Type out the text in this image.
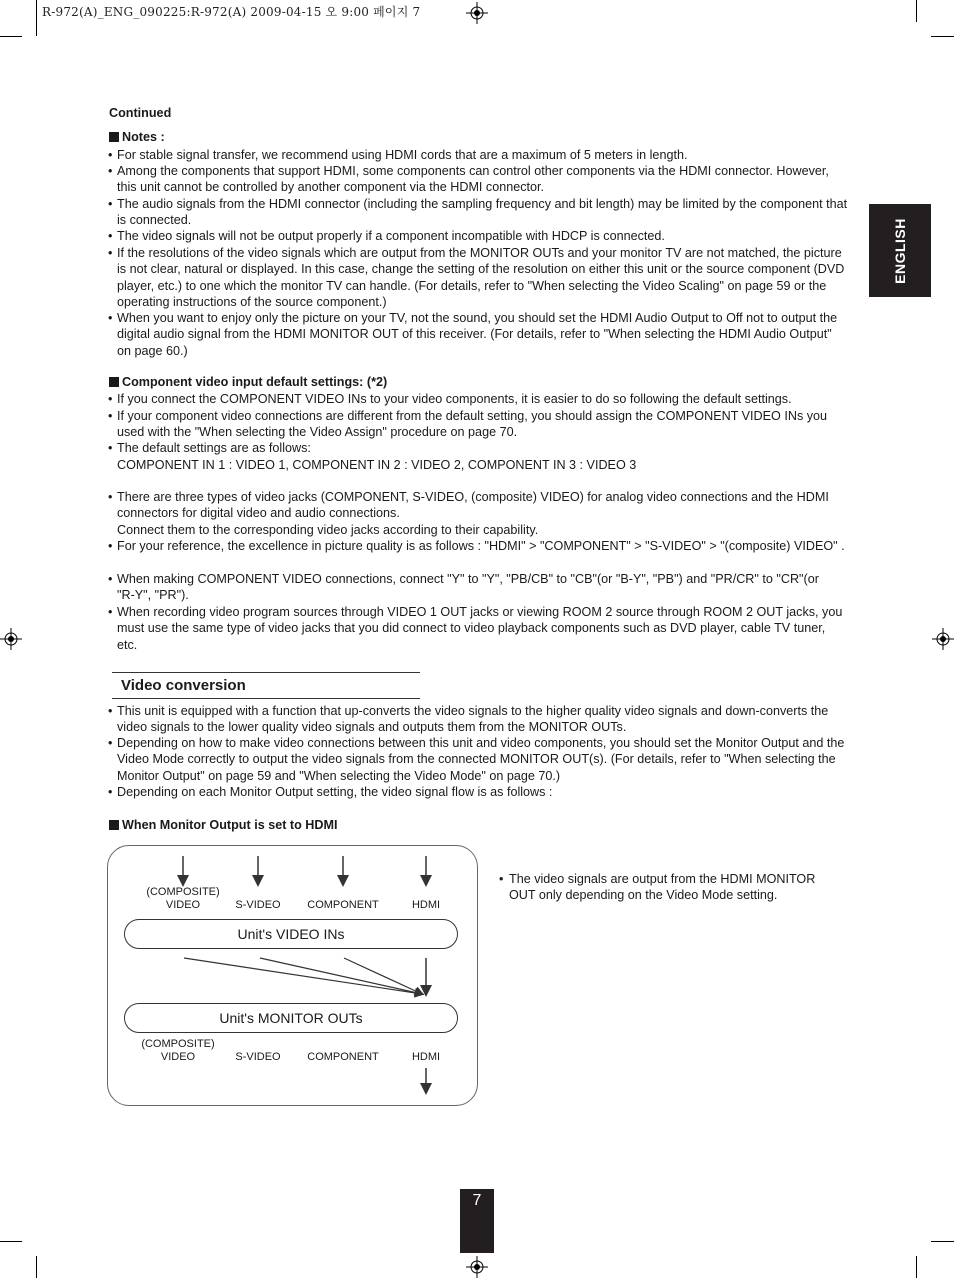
R-972(A)_ENG_090225:R-972(A) 2009-04-15 오 9:00 페이지 7
ENGLISH
Continued
Notes :
• For stable signal transfer, we recommend using HDMI cords that are a maximum of 5 meters in length.
• Among the components that support HDMI, some components can control other components via the HDMI connector. However, this unit cannot be controlled by another component via the HDMI connector.
• The audio signals from the HDMI connector (including the sampling frequency and bit length) may be limited by the component that is connected.
• The video signals will not be output properly if a component incompatible with HDCP is connected.
• If the resolutions of the video signals which are output from the MONITOR OUTs and your monitor TV are not matched, the picture is not clear, natural or displayed. In this case, change the setting of the resolution on either this unit or the source component (DVD player, etc.) to one which the monitor TV can handle. (For details, refer to "When selecting the Video Scaling" on page 59 or the operating instructions of the source component.)
• When you want to enjoy only the picture on your TV, not the sound, you should set the HDMI Audio Output to Off not to output the digital audio signal from the HDMI MONITOR OUT of this receiver. (For details, refer to "When selecting the HDMI Audio Output" on page 60.)
Component video input default settings: (*2)
• If you connect the COMPONENT VIDEO INs to your video components, it is easier to do so following the default settings.
• If your component video connections are different from the default setting, you should assign the COMPONENT VIDEO INs you used with the "When selecting the Video Assign" procedure on page 70.
• The default settings are as follows:
COMPONENT IN 1 : VIDEO 1, COMPONENT IN 2 : VIDEO 2, COMPONENT IN 3 : VIDEO 3
• There are three types of video jacks (COMPONENT, S-VIDEO, (composite) VIDEO) for analog video connections and the HDMI connectors for digital video and audio connections.
Connect them to the corresponding video jacks according to their capability.
• For your reference, the excellence in picture quality is as follows : "HDMI" > "COMPONENT" > "S-VIDEO" > "(composite) VIDEO" .
• When making COMPONENT VIDEO connections, connect "Y" to "Y", "PB/CB" to "CB"(or "B-Y", "PB") and "PR/CR" to "CR"(or
"R-Y", "PR").
• When recording video program sources through VIDEO 1 OUT jacks or viewing ROOM 2 source through ROOM 2 OUT jacks, you must use the same type of video jacks that you did connect to video playback components such as DVD player, cable TV tuner, etc.
Video conversion
• This unit is equipped with a function that up-converts the video signals to the higher quality video signals and down-converts the video signals to the lower quality video signals and outputs them from the MONITOR OUTs.
• Depending on how to make video connections between this unit and video components, you should set the Monitor Output and the Video Mode correctly to output the video signals from the connected MONITOR OUT(s). (For details, refer to "When selecting the Monitor Output" on page 59 and "When selecting the Video Mode" on page 70.)
• Depending on each Monitor Output setting, the video signal flow is as follows :
When Monitor Output is set to HDMI
(COMPOSITE)
VIDEO	S-VIDEO	COMPONENT	HDMI
Unit's VIDEO INs
Unit's MONITOR OUTs
(COMPOSITE)
VIDEO	S-VIDEO	COMPONENT	HDMI
• The video signals are output from the HDMI MONITOR OUT only depending on the Video Mode setting.
7
